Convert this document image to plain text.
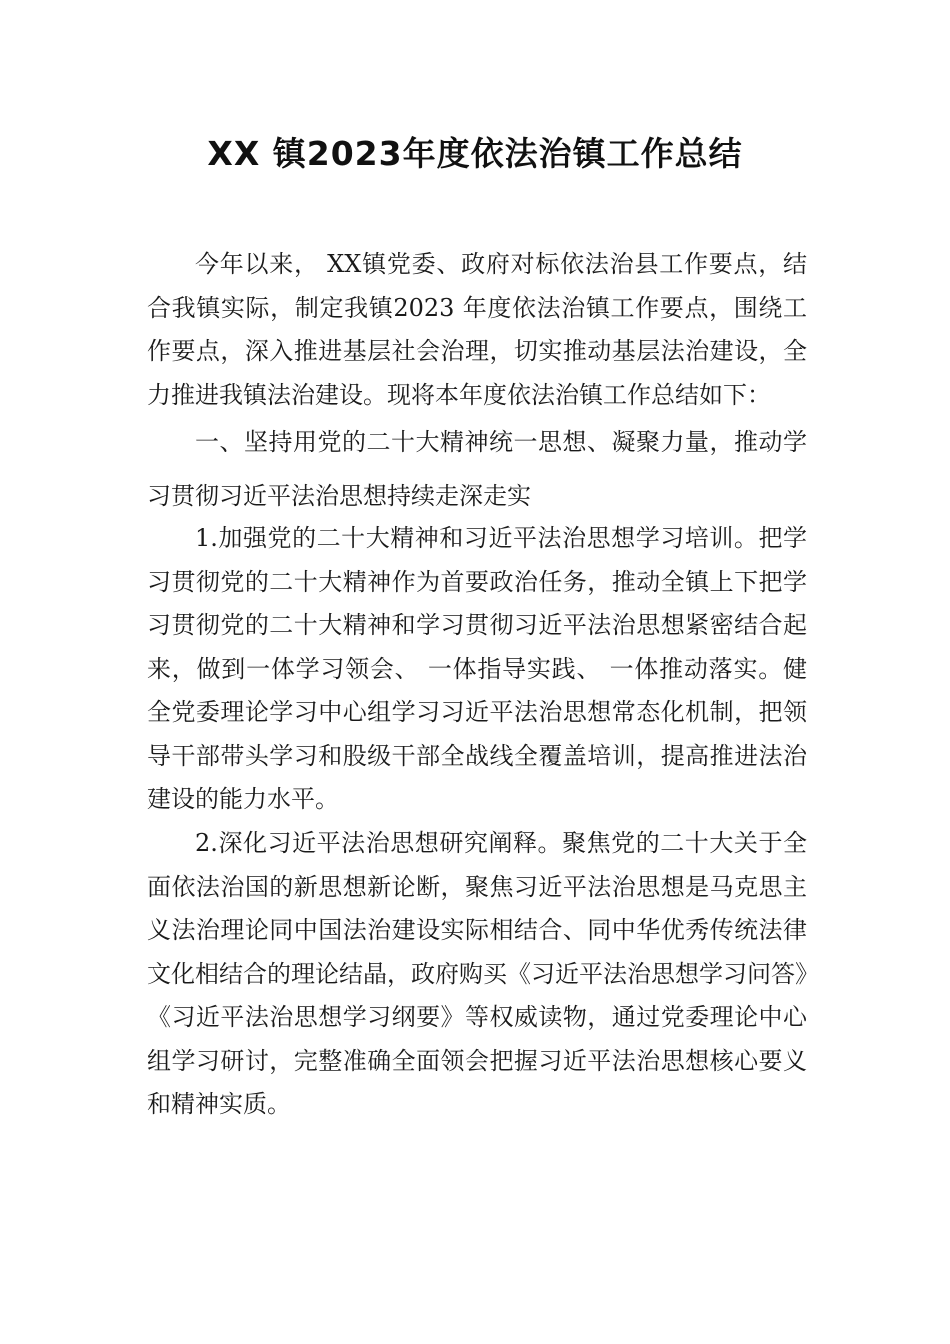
XX 镇2023年度依法治镇工作总结

今年以来， XX镇党委、政府对标依法治县工作要点，结合我镇实际，制定我镇2023 年度依法治镇工作要点，围绕工作要点，深入推进基层社会治理，切实推动基层法治建设，全力推进我镇法治建设。现将本年度依法治镇工作总结如下：

一、坚持用党的二十大精神统一思想、凝聚力量，推动学习贯彻习近平法治思想持续走深走实

1.加强党的二十大精神和习近平法治思想学习培训。把学习贯彻党的二十大精神作为首要政治任务，推动全镇上下把学习贯彻党的二十大精神和学习贯彻习近平法治思想紧密结合起来，做到一体学习领会、 一体指导实践、 一体推动落实。健全党委理论学习中心组学习习近平法治思想常态化机制，把领导干部带头学习和股级干部全战线全覆盖培训，提高推进法治建设的能力水平。

2.深化习近平法治思想研究阐释。聚焦党的二十大关于全面依法治国的新思想新论断，聚焦习近平法治思想是马克思主义法治理论同中国法治建设实际相结合、同中华优秀传统法律文化相结合的理论结晶，政府购买《习近平法治思想学习问答》《习近平法治思想学习纲要》等权威读物，通过党委理论中心组学习研讨，完整准确全面领会把握习近平法治思想核心要义和精神实质。
